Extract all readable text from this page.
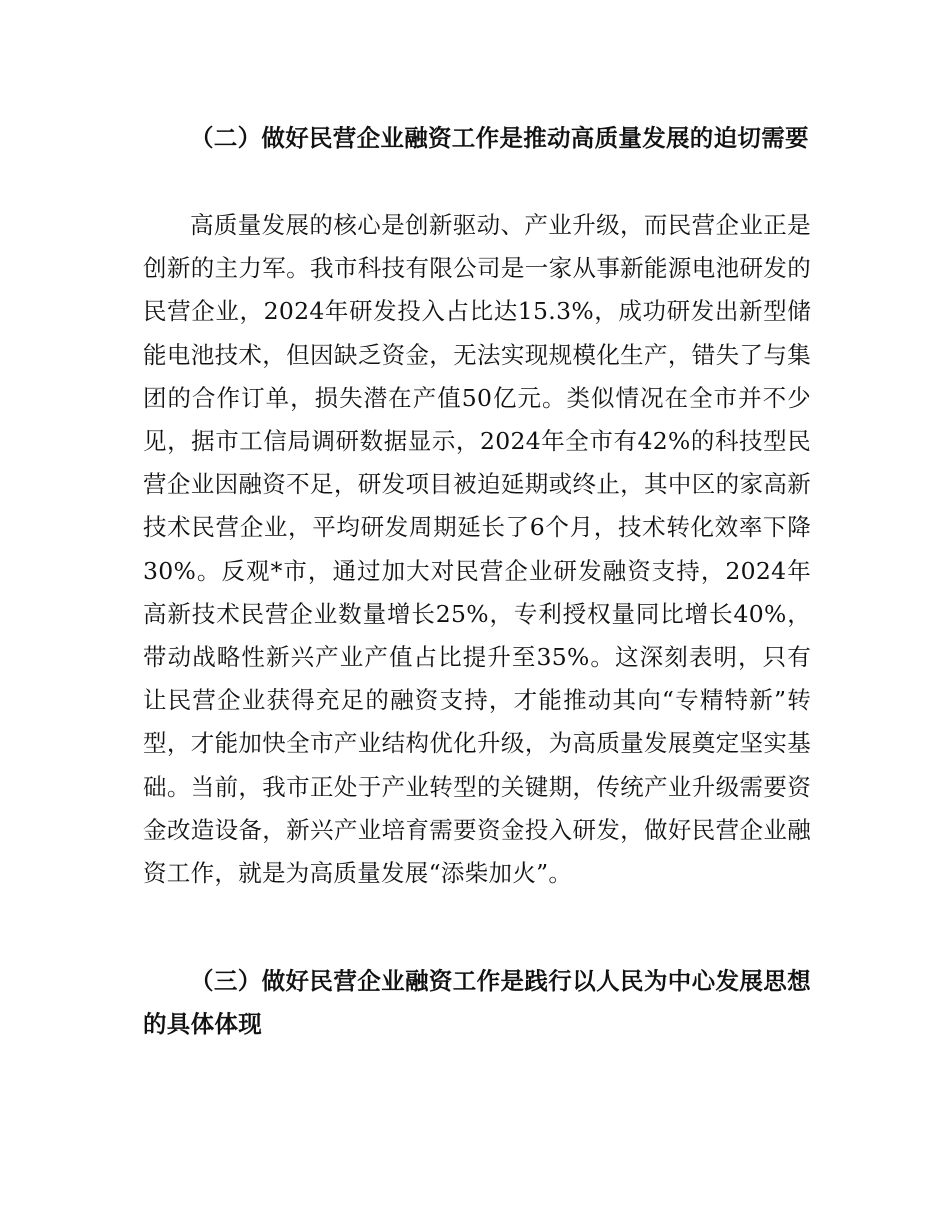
（二）做好民营企业融资工作是推动高质量发展的迫切需要

高质量发展的核心是创新驱动、产业升级，而民营企业正是创新的主力军。我市科技有限公司是一家从事新能源电池研发的民营企业，2024年研发投入占比达15.3%，成功研发出新型储能电池技术，但因缺乏资金，无法实现规模化生产，错失了与集团的合作订单，损失潜在产值50亿元。类似情况在全市并不少见，据市工信局调研数据显示，2024年全市有42%的科技型民营企业因融资不足，研发项目被迫延期或终止，其中区的家高新技术民营企业，平均研发周期延长了6个月，技术转化效率下降30%。反观*市，通过加大对民营企业研发融资支持，2024年高新技术民营企业数量增长25%，专利授权量同比增长40%，带动战略性新兴产业产值占比提升至35%。这深刻表明，只有让民营企业获得充足的融资支持，才能推动其向“专精特新”转型，才能加快全市产业结构优化升级，为高质量发展奠定坚实基础。当前，我市正处于产业转型的关键期，传统产业升级需要资金改造设备，新兴产业培育需要资金投入研发，做好民营企业融资工作，就是为高质量发展“添柴加火”。

（三）做好民营企业融资工作是践行以人民为中心发展思想的具体体现
